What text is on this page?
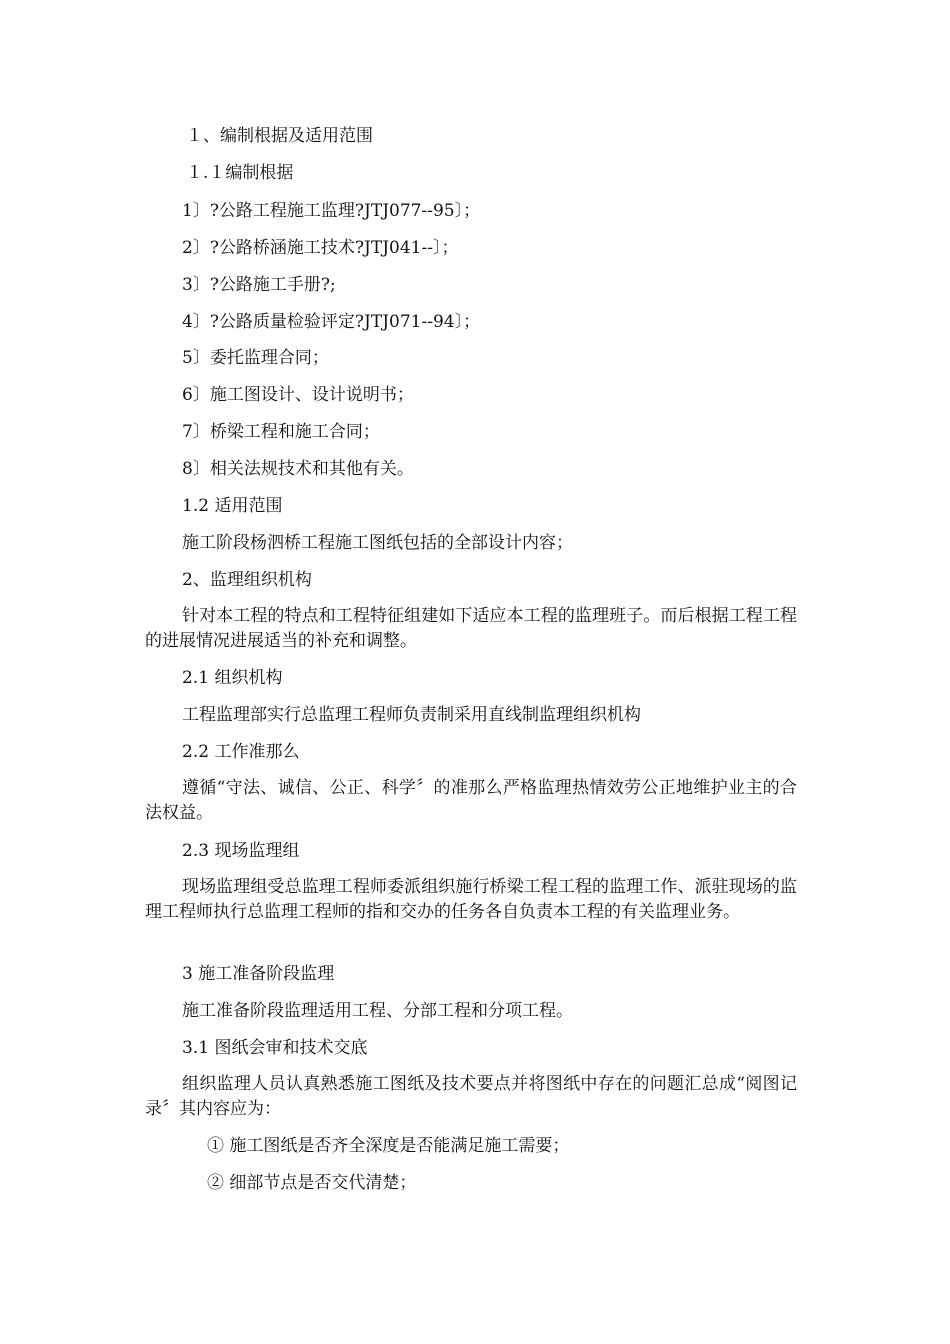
１、编制根据及适用范围
１.１编制根据
1〕?公路工程施工监理?JTJ077--95〕；
2〕?公路桥涵施工技术?JTJ041--〕；
3〕?公路施工手册?;
4〕?公路质量检验评定?JTJ071--94〕；
5〕委托监理合同；
6〕施工图设计、设计说明书；
7〕桥梁工程和施工合同；
8〕相关法规技术和其他有关。
1.2 适用范围
施工阶段杨泗桥工程施工图纸包括的全部设计内容；
2、监理组织机构
针对本工程的特点和工程特征组建如下适应本工程的监理班子。而后根据工程工程的进展情况进展适当的补充和调整。
2.1 组织机构
工程监理部实行总监理工程师负责制采用直线制监理组织机构
2.2 工作准那么
遵循“守法、诚信、公正、科学〞的准那么严格监理热情效劳公正地维护业主的合法权益。
2.3 现场监理组
现场监理组受总监理工程师委派组织施行桥梁工程工程的监理工作、派驻现场的监理工程师执行总监理工程师的指和交办的任务各自负责本工程的有关监理业务。
3 施工准备阶段监理
施工准备阶段监理适用工程、分部工程和分项工程。
3.1 图纸会审和技术交底
组织监理人员认真熟悉施工图纸及技术要点并将图纸中存在的问题汇总成“阅图记录〞其内容应为：
① 施工图纸是否齐全深度是否能满足施工需要；
② 细部节点是否交代清楚；
